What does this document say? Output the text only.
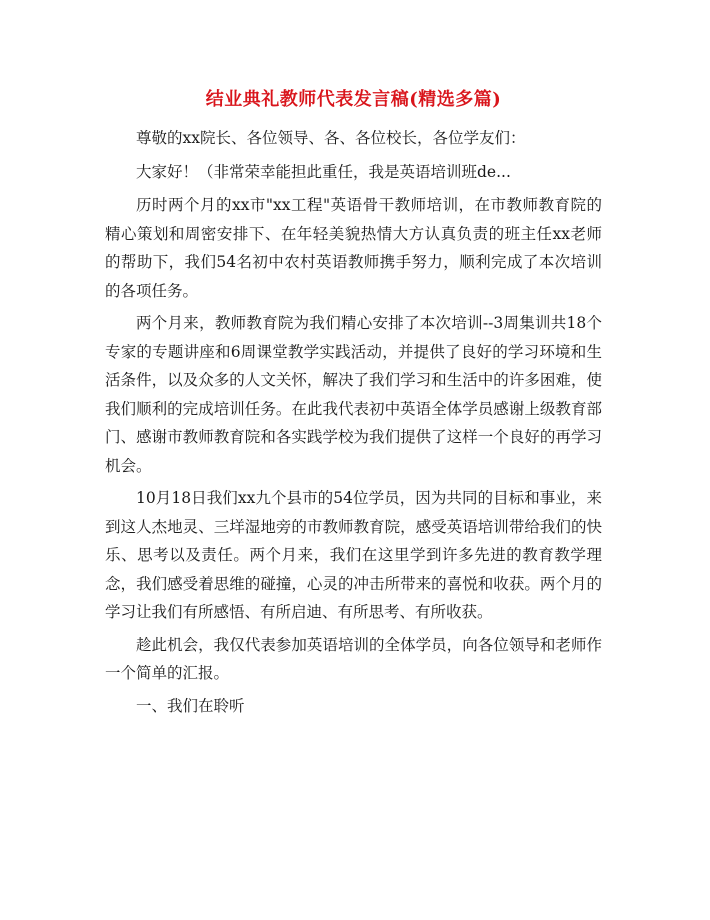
结业典礼教师代表发言稿(精选多篇)

尊敬的xx院长、各位领导、各、各位校长，各位学友们：

大家好！（非常荣幸能担此重任，我是英语培训班de...

历时两个月的xx市"xx工程"英语骨干教师培训，在市教师教育院的精心策划和周密安排下、在年轻美貌热情大方认真负责的班主任xx老师的帮助下，我们54名初中农村英语教师携手努力，顺利完成了本次培训的各项任务。

两个月来，教师教育院为我们精心安排了本次培训--3周集训共18个专家的专题讲座和6周课堂教学实践活动，并提供了良好的学习环境和生活条件，以及众多的人文关怀，解决了我们学习和生活中的许多困难，使我们顺利的完成培训任务。在此我代表初中英语全体学员感谢上级教育部门、感谢市教师教育院和各实践学校为我们提供了这样一个良好的再学习机会。

10月18日我们xx九个县市的54位学员，因为共同的目标和事业，来到这人杰地灵、三垟湿地旁的市教师教育院，感受英语培训带给我们的快乐、思考以及责任。两个月来，我们在这里学到许多先进的教育教学理念，我们感受着思维的碰撞，心灵的冲击所带来的喜悦和收获。两个月的学习让我们有所感悟、有所启迪、有所思考、有所收获。

趁此机会，我仅代表参加英语培训的全体学员，向各位领导和老师作一个简单的汇报。

一、我们在聆听
